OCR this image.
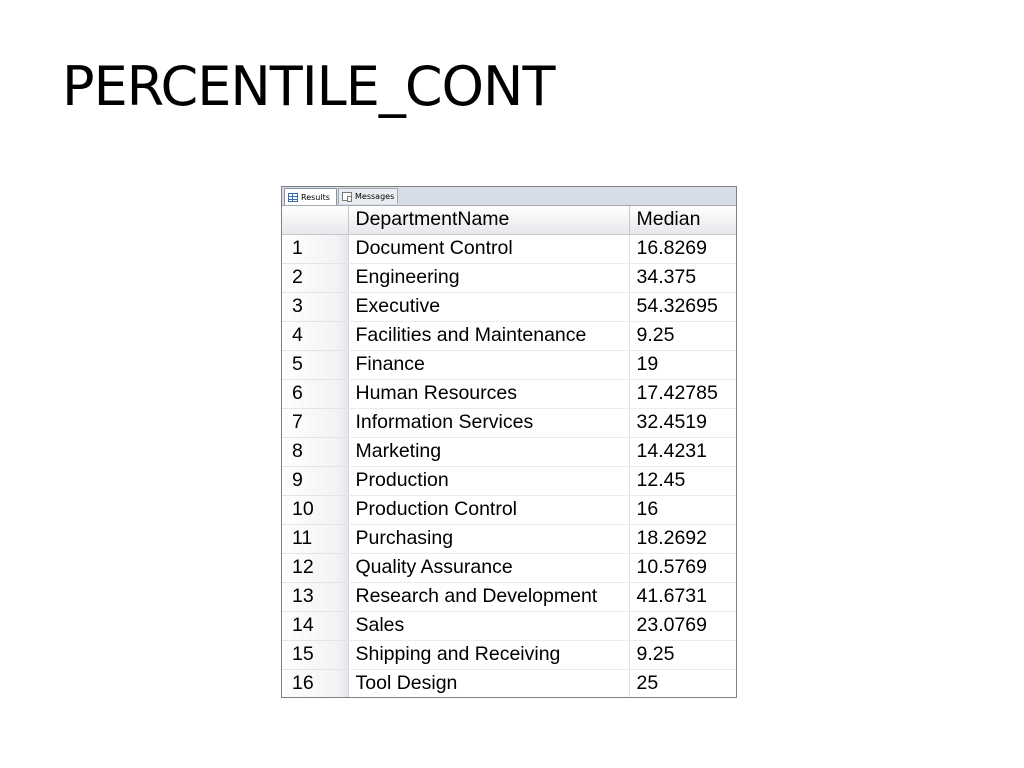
PERCENTILE_CONT
Results	Messages
	DepartmentName	Median
1	Document Control	16.8269
2	Engineering	34.375
3	Executive	54.32695
4	Facilities and Maintenance	9.25
5	Finance	19
6	Human Resources	17.42785
7	Information Services	32.4519
8	Marketing	14.4231
9	Production	12.45
10	Production Control	16
11	Purchasing	18.2692
12	Quality Assurance	10.5769
13	Research and Development	41.6731
14	Sales	23.0769
15	Shipping and Receiving	9.25
16	Tool Design	25
